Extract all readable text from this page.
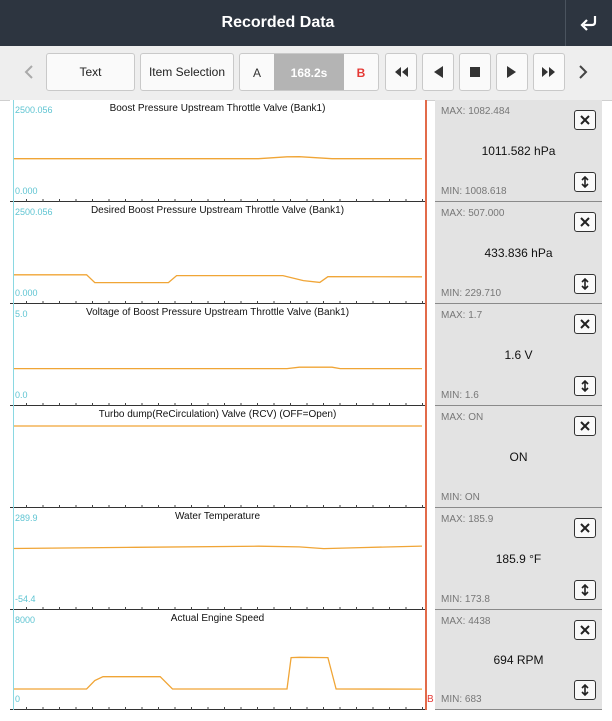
Recorded Data
Text	Item Selection	A	168.2s	B
Boost Pressure Upstream Throttle Valve (Bank1)
2500.056
0.000
Desired Boost Pressure Upstream Throttle Valve (Bank1)
2500.056
0.000
Voltage of Boost Pressure Upstream Throttle Valve (Bank1)
5.0
0.0
Turbo dump(ReCirculation) Valve (RCV) (OFF=Open)
Water Temperature
289.9
-54.4
Actual Engine Speed
8000
0	B
MAX: 1082.484
1011.582 hPa
MIN: 1008.618
MAX: 507.000
433.836 hPa
MIN: 229.710
MAX: 1.7
1.6 V
MIN: 1.6
MAX: ON
ON
MIN: ON
MAX: 185.9
185.9 °F
MIN: 173.8
MAX: 4438
694 RPM
MIN: 683
